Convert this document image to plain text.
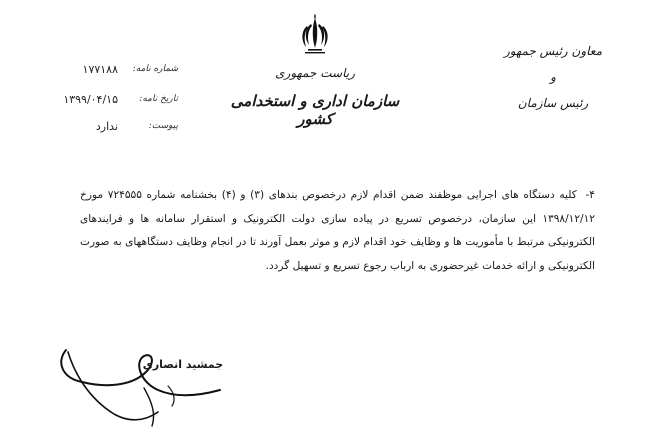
معاون رئیس جمهور
و
رئیس سازمان
ریاست جمهوری
سازمان اداری و استخدامی کشور
شماره نامه:
۱۷۷۱۸۸
تاریخ نامه:
۱۳۹۹/۰۴/۱۵
پیوست:
ندارد
۴- کلیه دستگاه های اجرایی موظفند ضمن اقدام لازم درخصوص بندهای (۳) و (۴) بخشنامه شماره ۷۲۴۵۵۵ مورخ ۱۳۹۸/۱۲/۱۲ این سازمان، درخصوص تسریع در پیاده سازی دولت الکترونیک و استقرار سامانه ها و فرایندهای الکترونیکی مرتبط با مأموریت ها و وظایف خود اقدام لازم و موثر بعمل آورند تا در انجام وظایف دستگاههای به صورت الکترونیکی و ارائه خدمات غیرحضوری به ارباب رجوع تسریع و تسهیل گردد.
جمشید انصاری
